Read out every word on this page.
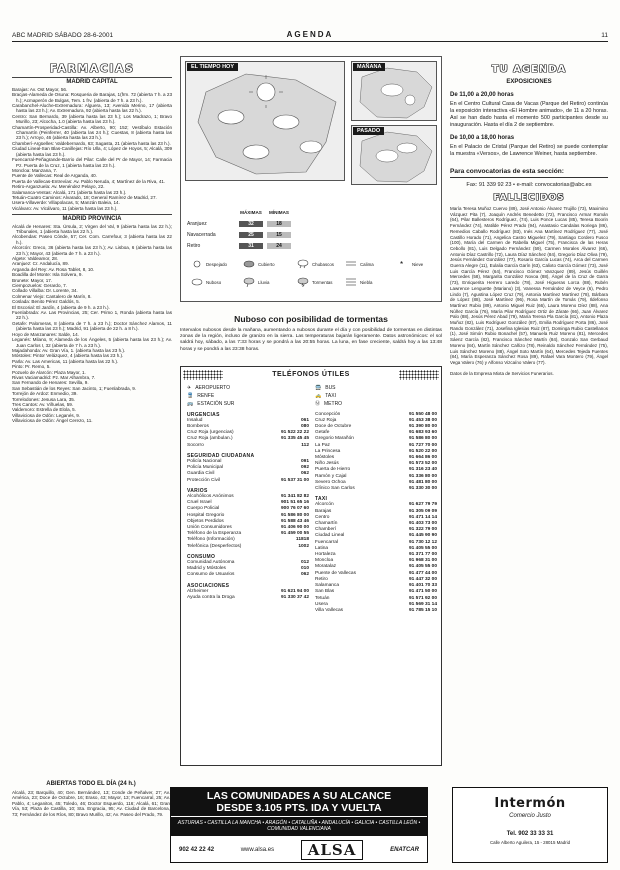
ABC MADRID SÁBADO 28-6-2001	AGENDA	11
FARMACIAS
MADRID CAPITAL
Barajas: Av. Ost Mayor, 56.
Bracjas-Alameda de Osuna: Rosqueria de Barajas, 1(frm. 72 (abierta 7 h. a 23 h.); Acmaperón de Bulgas, Tem. 1 frv. (abierta de 7 h. a 23 h.).
Carabanchel-Aluche-Extremadura: Alguera, 13; Avenida Merino, 17 (abierta hasta las 23 h.); Av. Extremadura, 92 (abierta hasta las 22 h.).
Centro: San Bernardo, 39 (abierta hasta las 23 h.); Los Madrazo, 1; Bravo Murillo, 23; Alcocha, 1.0 (abierta hasta las 23 h.).
Chamartín-Prosperidad-Castilla: Av. Alberto, 90; 152; Vestíbulo Estación Chamartín (Peinferrer, 40 (abierta las 24 h.); Cuestas, 8 (abierta hasta las 23 h.); Arroyo, 46 (abierta hasta las 23 h.).
Chamberí-Argüelles: Valdebernardo, 63; Sagasta, 21 (abierta hasta las 23 h.).
Ciudad Lineal-San Blas-Canillejas: Río Ulla, 4; López de Hoyos, 5; Alcalá, 309 (abierta hasta las 23 h.).
Fuencarral-Peñagrande-Barrio del Pilar: Calle del Pr de Mayor, 14; Farmacia Pz. Puerta de la Cruz, 1 (abierta hasta las 23 h.).
Moncloa: Manzana, 7.
Puente de Vallecas: Real de Arganda, 40.
Puerta de Vallecas-Entrevías: Av. Pablo Neruda, 4; Martínez de la Riva, 41.
Retiro-Arganzuela: Av. Menéndez Pelayo, 22.
Salamanca-Ventas: Alcalá, 171 (abierta hasta las 23 h.).
Tetuán-Cuatro Caminos: Alvarado, 18; General Ramírez de Madrid, 27.
Usera-Villaverde: Villapolacas, 5; Manzán Baleia, 14.
Vicálvaro: Av. Vicálvaro, 11 (abierta hasta las 23 h.).
MADRID PROVINCIA
Alcalá de Henares: Sta. Úrsula, 2; Virgen del Val, 9 (abierta hasta las 22 h.); Tribunales, 1 (abierta hasta las 22 h.).
Alcobendas: Paseo Cónde, 57; Cer. Com. Carrefour, 3 (abierta hasta las 22 h.).
Alcorcón: Greco, 36 (abierta hasta las 23 h.); Av. Lisboa, 6 (abierta hasta las 23 h.); Mayor, 43 (abierta de 7 h. a 23 h.).
Algete: Valdeamor, 28.
Aranjuez: Cr. Andalucía, 89.
Arganda del Rey: Av. Rosa Tablet, 8, 10.
Boadilla del Monte: Isla Solvera, 9.
Brunete: Mayor, 17.
Ciempozuelos: Gerardo, 7.
Collado Villalba: Dr. Lorente, 34.
Colmenar Viejo: Cantalero de Marín, 8.
Coslada: Benito Pérez Galdós, 5.
El Escorial: El Jardín, 4 (abierta de 9 h. a 23 h.).
Fuenlabrada: Av. Las Provincias, 25; Cer. Primo 1, Ronda (abierta hasta las 22 h.).
Getafe: Palomeras, 8 (abierta de 7 h. a 23 h.); Doctor Sánchez Alamos, 11 (abierta hasta las 23 h.); Madrid, 91 (abierta de 22 h. a 8 h.).
Hoyo de Manzanares: Salde, 14.
Leganés: Milano, 9; Alameda de los Ángeles, 5 (abierta hasta las 23 h.); Av. Juan Carlos I, 32 (abierta de 7 h. a 23 h.).
Majadahonda: Av. Gran Vía, 1. (abierta hasta las 23 h.).
Móstoles: Pintor Velázquez, 4 (abierta hasta las 23 h.).
Parla: Av. Las Americas, 11 (abierta hasta las 22 h.).
Pinto: Pr. Remo, 5.
Pozuelo de Alarcón: Plaza Mayor, 1.
Rivas Vaciamadrid: Pz. Mar Alhambra, 7.
San Fernando de Henares: Sevilla, 9.
San Sebastián de los Reyes: San Jacinto, 1; Fuenlabrada, 9.
Torrejón de Ardoz: Enmedio, 39.
Torrelodones: Jesusa Lara, 35.
Tres Cantos: Av. Viñuelas, 59.
Valdemoro: Estrella de Elola, 5.
Villaviciosa de Odón: Leganés, 9.
Villaviciosa de Odón: Ángel Cerezo, 11.
ABIERTAS TODO EL DÍA (24 h.)
Alcalá, 23; Barquillo, 40; Gen. Bernández, 13; Conde de Peñalver, 27; Av. América, 23; Doce de Octubre, 16; Eraso, 43; Mayor, 13; Fuencarral, 25; Av. Pablo, 4; Leganitos, 45; Toledo, 46; Doctor Esquerdo, 116; Alcalá, 61; Gran Vía, 53; Plaza de Castilla, 10; Sta. Engracia, 95; Av. Ciudad de Barcelona, 73; Fernández de los Ríos, 80; Bravo Murillo, 42; Av. Paseo del Prado, 79.
EL TIEMPO HOY	MAÑANA
PASADO
MÁXIMAS	MÍNIMAS
Aranjuez	32	18
Navacerrada	25	15
Retiro	31	24
Despejado	Cubierto	Chubascos	Calima	* Nieve
Nuboso	Lluvia	Tormentas	Niebla
Nuboso con posibilidad de tormentas
Intervalos nubosos desde la mañana, aumentando a nubosos durante el día y con posibilidad de tormentas en distintas zonas de la región, incluso de granizo en la sierra. Las temperaturas bajarán ligeramente. Datos astronómicos: el sol saldrá hoy, sábado, a las 7:33 horas y se pondrá a las 20:55 horas. La luna, en fase creciente, saldrá hoy a las 13:48 horas y se pondrá a las 23:38 horas.
TELÉFONOS ÚTILES
✈ AEROPUERTO
🚆 RENFE
🚌 ESTACIÓN SUR
URGENCIAS
Insalud	061
Bomberos	080
Cruz Roja (urgencias)	91 522 22 22
Cruz Roja (ambulan.)	91 335 45 45
Socorro	112
SEGURIDAD CIUDADANA
Policía Nacional	091
Policía Municipal	092
Guardia Civil	062
Protección Civil	91 537 31 00
VARIOS
Alcohólicos Anónimos	91 341 82 82
Cruel Israel	901 51 65 16
Cuerpo Policial	900 76 07 60
Hospital Gregorio	91 586 80 00
Objetos Perdidos	91 588 43 46
Unión Consumidores	91 406 90 00
Teléfono de la Esperanza	91 459 00 55
Teléfono (Información)	11818
Telefónica (Desperfectos)	1002
CONSUMO
Comunidad Autónoma	012
Madrid y Móstoles	010
Consumo de Usuarios	062
ASOCIACIONES
Alzheimer	91 621 94 00
Ayuda contra la Droga	91 330 37 42
🚍 BUS
🚕 TAXI
Ⓜ METRO
Concepción	91 550 48 00
Cruz Roja	91 453 38 00
Doce de Octubre	91 390 80 00
Getafe	91 683 93 60
Gregorio Marañón	91 586 80 00
La Paz	91 727 70 00
La Princesa	91 520 22 00
Móstoles	91 664 86 00
Niño Jesús	91 573 52 00
Puerta de Hierro	91 316 23 40
Ramón y Cajal	91 336 80 00
Severo Ochoa	91 481 80 00
Clínico San Carlos	91 330 30 00
TAXI
Alcorcón	91 627 79 79
Barajas	91 305 09 09
Centro	91 471 14 14
Chamartín	91 403 73 00
Chamberí	91 322 79 00
Ciudad Lineal	91 445 90 90
Fuencarral	91 730 12 12
Latina	91 405 55 00
Hortaleza	91 371 77 00
Moncloa	91 968 31 00
Moratalaz	91 405 55 00
Puente de Vallecas	91 477 44 00
Retiro	91 447 32 00
Salamanca	91 401 70 33
San Blas	91 471 50 00
Tetuán	91 571 92 00
Usera	91 569 31 14
Villa Vallecas	91 785 15 10
TU AGENDA
EXPOSICIONES
De 11,00 a 20,00 horas

En el Centro Cultural Casa de Vacas (Parque del Retiro) continúa la exposición interactiva «El Hombre animado», de 11 a 20 horas. Así se han dado hasta el momento 500 participantes desde su inauguración. Hasta el día 2 de septiembre.

De 10,00 a 18,00 horas

En el Palacio de Cristal (Parque del Retiro) se puede contemplar la muestra «Versos», de Lawrence Weiner, hasta septiembre.

Para convocatorias de esta sección:
Fax: 91 339 92 23 • e-mail: convocatorias@abc.es
FALLECIDOS
María Teresa Muñoz Cuervo (89), José Antonio Álvarez Trujillo (73), Maximino Vázquez Pita (7), Joaquín Andrés Benedetto (72), Francisco Armar Román (64), Pilar Ballesteros Rodríguez, (74), Luis Ponce Lucas (85), Teresa Boorin Fernández (74), Matilde Pérez Prado (94), Anastasio Candalas Noriega (86), Remedios Caballo Rodríguez (83), Inés Ana Martínez Rodríguez (77), José Castillo Horado (71), Angelica Castro Miguelez (79), Santiago Cordero Fusco (100), María del Carmen de Rabella Miguel (75), Francisca de las Heras Cebollo (81), Luis Delgado Fernández (59), Carmen Morales Álvarez (66), Antonio Díaz Castrillo (72), Laura Díaz Sánchez (84), Gregorio Díaz Oliva (79), Jesús Fernández González (77), Rosario García Lucas (74), Arca del Carmen Guerra Alegre (11), Eulalia García Garín (63), Calixto García Gómez (73), José Luis García Pérez (64), Francisco Gómez Vanzquez (89), Jesús Guillén Mercedes (58), Margarita González Novoa (88), Ángel de la Cruz de Garra (73), Enriquerita Herrero Laredo (78), José Higueras Lorca (88), Rubén Lawrence Lenguette (Mariano) (3), Vanessa Fernández de Veyce (6), Pedro Lindo (7), Agustina López Cruz (79), Antonia Martínez Martínez (78), Bárbara de López (88), José Martínez (96), Rosa Martín de Tomás (79), Ildefonso Martínez Rubio (89), Antonio Miguel Ruiz (66), Laura Moreno Díez (88), Ana Núñez García (76), María Pilar Rodríguez Ortiz de Zárate (66), Juan Álvarez Palo (88), Jesús Pérez Abad (79), María Teresa Pla García (81), Antonio Plaza Muñoz (82), Luis Rodríguez González (87), Emilia Rodríguez Porta (86), José Rando González (71), Josefina Iglesias Ruiz (87), Dominga Rubio Castellanos (1), José Simón Rubio Bonachel (57), Manuela Ruiz Moreno (81), Mercedes Sáenz García (82), Francisco Sánchez Martín (84), Gonzalo San Gerbaud Moreno (84), Martín Sánchez Cañizo (78), Reinaldo Sánchez Fernández (75), Luis Sánchez Moreno (88), Ángel Soto Martín (64), Mercedes Tejeda Fuentes (84), María Esperanza Sánchez Rosa (89), Rafael Vara Montero (79), Ángel Vega Valero (76) y Alfonso Vizcaíno Valero (77).
Datos de la Empresa Mixta de Servicios Funerarios.
LAS COMUNIDADES A SU ALCANCE
DESDE 3.105 PTS. IDA Y VUELTA
ASTURIAS • CASTILLA LA MANCHA • ARAGÓN • CATALUÑA • ANDALUCÍA • GALICIA • CASTILLA LEÓN • COMUNIDAD VALENCIANA
902 42 22 42	www.alsa.es	ALSA	ENATCAR
Intermón
Comercio Justo
Tel. 902 33 33 31
Calle Alberto Aguilera, 15 - 28015 Madrid
